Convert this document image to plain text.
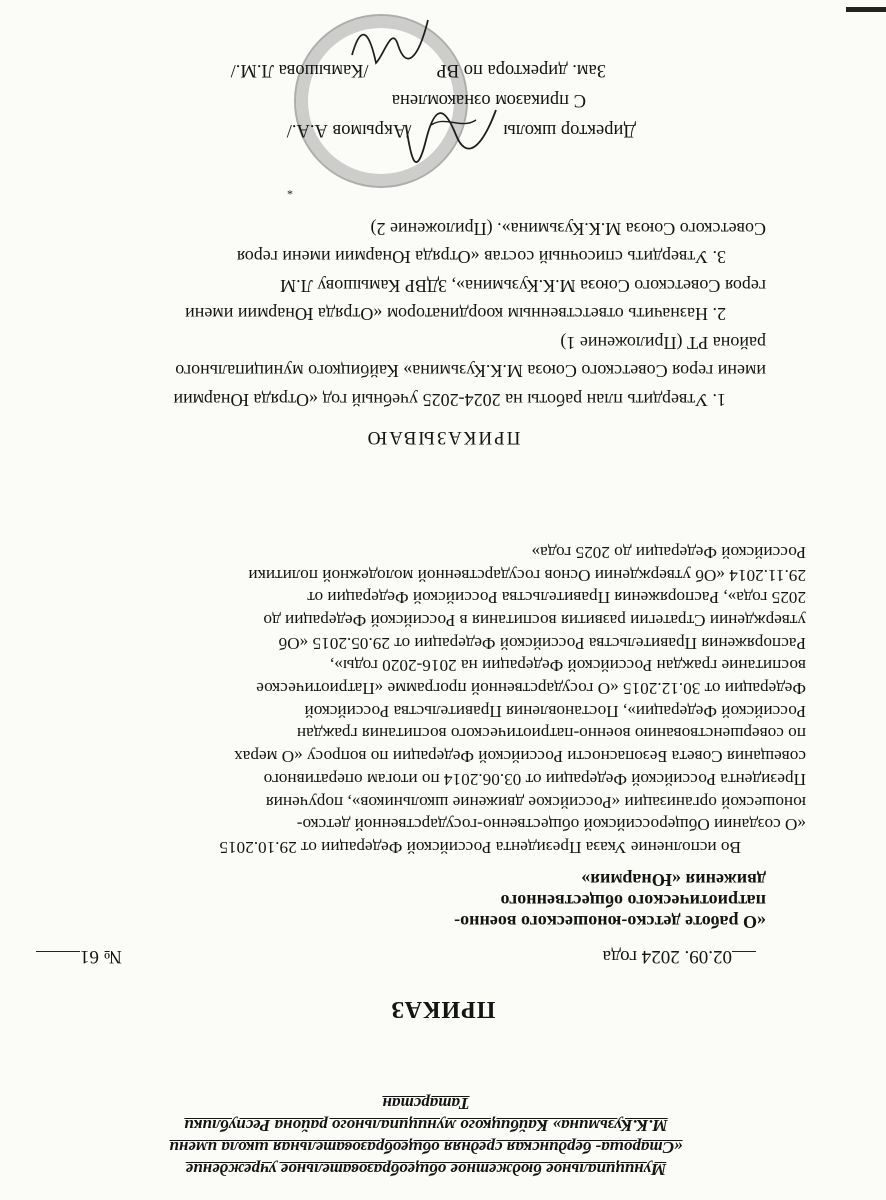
Муниципальное бюджетное общеобразовательное учреждение
«Старошa- бердинская средняя общеобразовательная школа имени
М.К.Кузьмина» Кайбицкого муниципального района Республики
Татарстан
ПРИКАЗ
02.09. 2024 года
№ 61
«О работе детско-юношеского военно-
патриотического общественного
движения «Юнармия»
Во исполнение Указа Президента Российской Федерации от 29.10.2015
«О создании Общероссийской общественно-государственной детско-
юношеской организации «Российское движение школьников», поручения
Президента Российской Федерации от 03.06.2014 по итогам оперативного
совещания Совета Безопасности Российской Федерации по вопросу «О мерах
по совершенствованию военно-патриотического воспитания граждан
Российской Федерации», Постановления Правительства Российской
Федерации от 30.12.2015 «О государственной программе «Патриотическое
воспитание граждан Российской Федерации на 2016-2020 годы»,
Распоряжения Правительства Российской Федерации от 29.05.2015 «Об
утверждении Стратегии развития воспитания в Российской Федерации до
2025 года», Распоряжения Правительства Российской Федерации от
29.11.2014 «Об утверждении Основ государственной молодежной политики
Российской Федерации до 2025 года»
ПРИКАЗЫВАЮ
1. Утвердить план работы на 2024-2025 учебный год «Отряда Юнармии
имени героя Советского Союза М.К.Кузьмина» Кайбицкого муниципального
района РТ (Приложение 1)
2. Назначить ответственным координатором «Отряда Юнармии имени
героя Советского Союза М.К.Кузьмина», ЗДВР Камышову Л.М
3. Утвердить списочный состав «Отряда Юнармии имени героя
Советского Союза М.К.Кузьмина». (Приложение 2)
*
Директор школы/Акрымов А.А./
С приказом ознакомлена
Зам. директора по ВР/Камышова Л.М./
